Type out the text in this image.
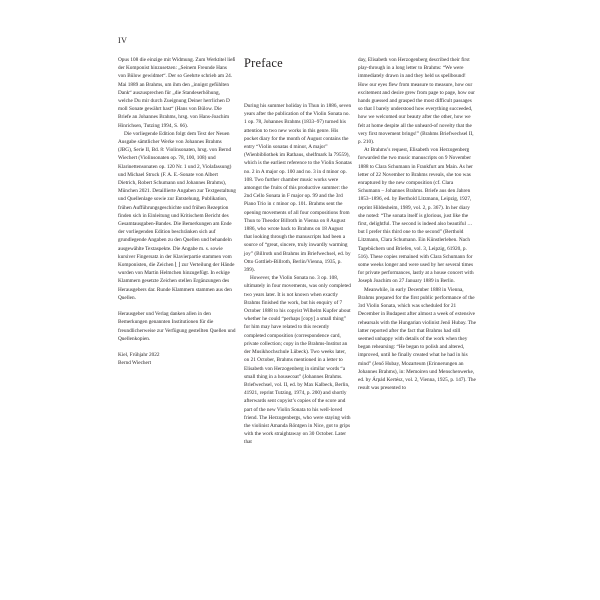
IV

Opus 108 die einzige mit Widmung. Zum Werktitel ließ der Komponist hinzusetzen: „Seinem Freunde Hans von Bülow gewidmet“. Der so Geehrte schrieb am 24. Mai 1889 an Brahms, um ihm den „innigst gefühlten Dank“ auszusprechen für „die Standeserhöhung, welche Du mir durch Zueignung Deiner herrlichen D moll Sonate gewährt hast“ (Hans von Bülow. Die Briefe an Johannes Brahms, hrsg. von Hans-Joachim Hinrichsen, Tutzing 1994, S. 66).

Die vorliegende Edition folgt dem Text der Neuen Ausgabe sämtlicher Werke von Johannes Brahms (JBG), Serie II, Bd. 8: Violinsonaten, hrsg. von Bernd Wiechert (Violinsonaten op. 78, 100, 108) und Klarinettensonaten op. 120 Nr. 1 und 2, Violafassung) und Michael Struck (F. A. E.-Sonate von Albert Dietrich, Robert Schumann und Johannes Brahms), München 2021. Detaillierte Angaben zur Textgestaltung und Quellenlage sowie zur Entstehung, Publikation, frühen Aufführungsgeschichte und frühen Rezeption finden sich in Einleitung und Kritischem Bericht des Gesamtausgaben-Bandes. Die Bemerkungen am Ende der vorliegenden Edition beschränken sich auf grundlegende Angaben zu den Quellen und behandeln ausgewählte Textaspekte. Die Angabe m. s. sowie kursiver Fingersatz in der Klavierpartie stammen vom Komponisten, die Zeichen ⌊ ⌋ zur Verteilung der Hände wurden von Martin Helmchen hinzugefügt. In eckige Klammern gesetzte Zeichen stellen Ergänzungen des Herausgebers dar. Runde Klammern stammen aus den Quellen.

Herausgeber und Verlag danken allen in den Bemerkungen genannten Institutionen für die freundlicherweise zur Verfügung gestellten Quellen und Quellenkopien.

Kiel, Frühjahr 2022

Bernd Wiechert

Preface

During his summer holiday in Thun in 1886, seven years after the publication of the Violin Sonata no. 1 op. 78, Johannes Brahms (1833–97) turned his attention to two new works in this genre. His pocket diary for the month of August contains the entry “Violin sonatas d minor, A major” (Wienbibliothek im Rathaus, shelfmark Ia 79559), which is the earliest reference to the Violin Sonatas no. 2 in A major op. 100 and no. 3 in d minor op. 108. Two further chamber music works were amongst the fruits of this productive summer: the 2nd Cello Sonata in F major op. 99 and the 3rd Piano Trio in c minor op. 101. Brahms sent the opening movements of all four compositions from Thun to Theodor Billroth in Vienna on 8 August 1886, who wrote back to Brahms on 18 August that looking through the manuscripts had been a source of “great, sincere, truly inwardly warming joy” (Billroth und Brahms im Briefwechsel, ed. by Otto Gottlieb-Billroth, Berlin/Vienna, 1935, p. 399).

However, the Violin Sonata no. 3 op. 108, ultimately in four movements, was only completed two years later. It is not known when exactly Brahms finished the work, but his enquiry of 7 October 1888 to his copyist Wilhelm Kupfer about whether he could “perhaps [copy] a small thing” for him may have related to this recently completed composition (correspondence card, private collection; copy in the Brahms-Institut an der Musikhochschule Lübeck). Two weeks later, on 21 October, Brahms mentioned in a letter to Elisabeth von Herzogenberg in similar words “a small thing in a housecoat” (Johannes Brahms. Briefwechsel, vol. II, ed. by Max Kalbeck, Berlin, 41921, reprint Tutzing, 1974, p. 200) and shortly afterwards sent copyist’s copies of the score and part of the new Violin Sonata to his well-loved friend. The Herzogenbergs, who were staying with the violinist Amanda Röntgen in Nice, got to grips with the work straightaway on 30 October. Later that

day, Elisabeth von Herzogenberg described their first play-through in a long letter to Brahms: “We were immediately drawn in and they held us spellbound! How our eyes flew from measure to measure, how our excitement and desire grew from page to page, how our hands guessed and grasped the most difficult passages so that I barely understood how everything succeeded, how we welcomed our beauty after the other, how we felt at home despite all the unheard-of novelty that the very first movement brings!” (Brahms Briefwechsel II, p. 210).

At Brahms’s request, Elisabeth von Herzogenberg forwarded the two music manuscripts on 9 November 1888 to Clara Schumann in Frankfurt am Main. As her letter of 22 November to Brahms reveals, she too was enraptured by the new composition (cf. Clara Schumann – Johannes Brahms. Briefe aus den Jahren 1853–1896, ed. by Berthold Litzmann, Leipzig, 1927, reprint Hildesheim, 1989, vol. 2, p. 367). In her diary she noted: “The sonata itself is glorious, just like the first, delightful. The second is indeed also beautiful … but I prefer this third one to the second” (Berthold Litzmann, Clara Schumann. Ein Künstlerleben. Nach Tagebüchern und Briefen, vol. 3, Leipzig, 61920, p. 516). These copies remained with Clara Schumann for some weeks longer and were used by her several times for private performances, lastly at a house concert with Joseph Joachim on 27 January 1889 in Berlin.

Meanwhile, in early December 1888 in Vienna, Brahms prepared for the first public performance of the 3rd Violin Sonata, which was scheduled for 21 December in Budapest after almost a week of extensive rehearsals with the Hungarian violinist Jenő Hubay. The latter reported after the fact that Brahms had still seemed unhappy with details of the work when they began rehearsing: “He began to polish and altered, improved, until he finally created what he had in his mind” (Jenő Hubay, Mozarteum (Erinnerungen an Johannes Brahms), in: Memoiren und Menschenwerke, ed. by Árpád Kertész, vol. 2, Vienna, 1925, p. 147). The result was presented to
